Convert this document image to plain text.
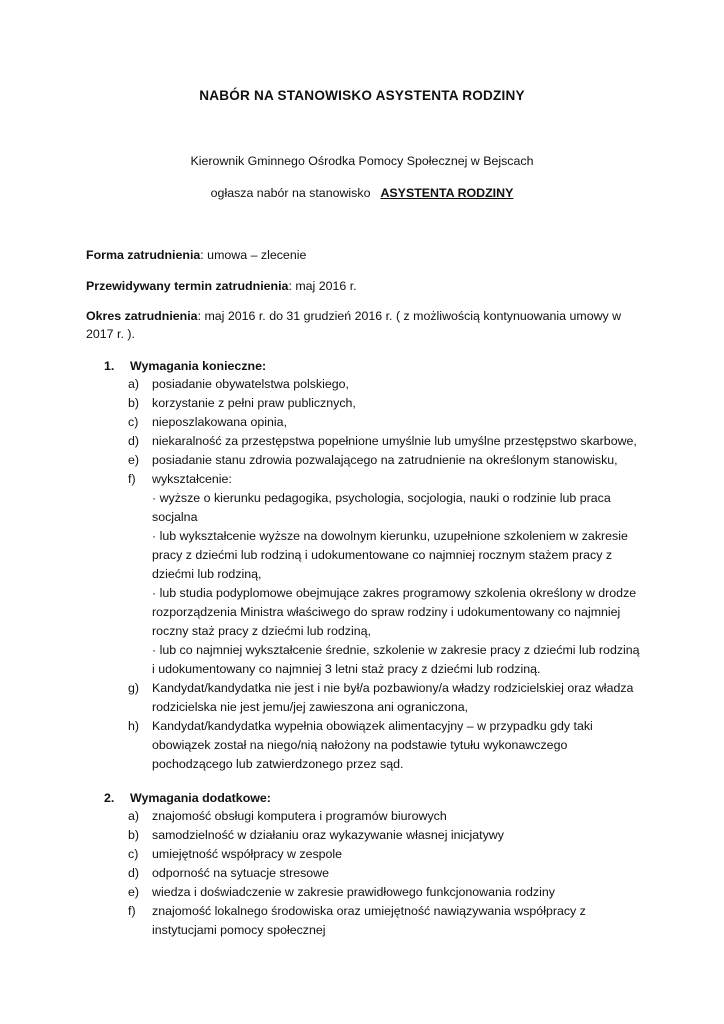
NABÓR NA STANOWISKO ASYSTENTA RODZINY
Kierownik Gminnego Ośrodka Pomocy Społecznej w Bejscach
ogłasza nabór na stanowisko ASYSTENTA RODZINY
Forma zatrudnienia: umowa – zlecenie
Przewidywany termin zatrudnienia: maj 2016 r.
Okres zatrudnienia: maj 2016 r. do 31 grudzień 2016 r. ( z możliwością kontynuowania umowy w 2017 r. ).
1. Wymagania konieczne:
a) posiadanie obywatelstwa polskiego,
b) korzystanie z pełni praw publicznych,
c) nieposzlakowana opinia,
d) niekaralność za przestępstwa popełnione umyślnie lub umyślne przestępstwo skarbowe,
e) posiadanie stanu zdrowia pozwalającego na zatrudnienie na określonym stanowisku,
f) wykształcenie:
· wyższe o kierunku pedagogika, psychologia, socjologia, nauki o rodzinie lub praca socjalna
· lub wykształcenie wyższe na dowolnym kierunku, uzupełnione szkoleniem w zakresie pracy z dziećmi lub rodziną i udokumentowane co najmniej rocznym stażem pracy z dziećmi lub rodziną,
· lub studia podyplomowe obejmujące zakres programowy szkolenia określony w drodze rozporządzenia Ministra właściwego do spraw rodziny i udokumentowany co najmniej roczny staż pracy z dziećmi lub rodziną,
· lub co najmniej wykształcenie średnie, szkolenie w zakresie pracy z dziećmi lub rodziną i udokumentowany co najmniej 3 letni staż pracy z dziećmi lub rodziną.
g) Kandydat/kandydatka nie jest i nie był/a pozbawiony/a władzy rodzicielskiej oraz władza rodzicielska nie jest jemu/jej zawieszona ani ograniczona,
h) Kandydat/kandydatka wypełnia obowiązek alimentacyjny – w przypadku gdy taki obowiązek został na niego/nią nałożony na podstawie tytułu wykonawczego pochodzącego lub zatwierdzonego przez sąd.
2. Wymagania dodatkowe:
a) znajomość obsługi komputera i programów biurowych
b) samodzielność w działaniu oraz wykazywanie własnej inicjatywy
c) umiejętność współpracy w zespole
d) odporność na sytuacje stresowe
e) wiedza i doświadczenie w zakresie prawidłowego funkcjonowania rodziny
f) znajomość lokalnego środowiska oraz umiejętność nawiązywania współpracy z instytucjami pomocy społecznej
